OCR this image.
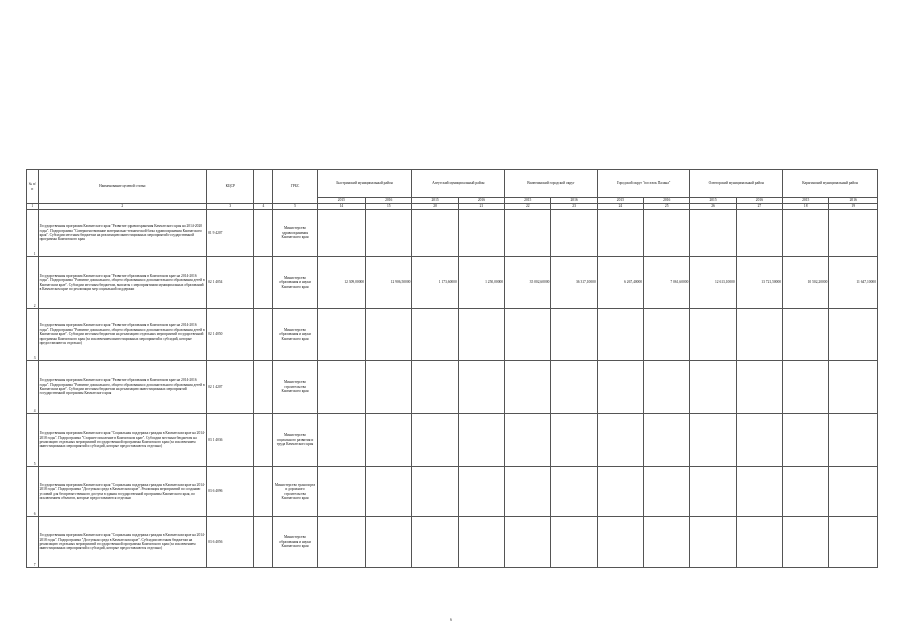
№ п/п	Наименование целевой статьи	КЦСР		ГРБС	Быстринский муниципальный район		Алеутский муниципальный район		Вилючинский городской округ		Городской округ "поселок Палана"		Олюторский муниципальный район		Карагинский муниципальный район	
					2015	2016	2015	2016	2015	2016	2015	2016	2015	2016	2015	2016
1	2	3	4	5	14	15	20	21	22	23	24	25	26	27	18	19
1	Государственная программа Камчатского края "Развитие здравоохранения Камчатского края на 2014-2020 годы". Подпрограмма "Совершенствование материально-технической базы здравоохранения Камчатского края". Субсидии местным бюджетам на реализацию инвестиционных мероприятий государственной программы Камчатского края	01 9 4207		Министерство здравоохранения Камчатского края												
2	Государственная программа Камчатского края "Развитие образования в Камчатском крае на 2014-2016 годы". Подпрограмма "Развитие дошкольного, общего образования и дополнительного образования детей в Камчатском крае". Субсидии местным бюджетам, выплаты с мероприятиями муниципальных образований в Камчатском крае по реализации мер социальной поддержки	02 1 4054		Министерство образования и науки Камчатского края	12 309,00000	12 906,50000	1 173,60000	1 250,00000	35 002,60000	36 317,10000	6 267,40000	7 061,60000	12 613,10000	13 721,50000	10 502,20000	11 647,10000
3	Государственная программа Камчатского края "Развитие образования в Камчатском крае на 2014-2016 годы". Подпрограмма "Развитие дошкольного, общего образования и дополнительного образования детей в Камчатском крае". Субсидии местным бюджетам на реализацию отдельных мероприятий государственной программы Камчатского края (за исключением инвестиционных мероприятий и субсидий, которые предоставляются отдельно)	02 1 4050		Министерство образования и науки Камчатского края												
4	Государственная программа Камчатского края "Развитие образования в Камчатском крае на 2014-2016 годы". Подпрограмма "Развитие дошкольного, общего образования и дополнительного образования детей в Камчатском крае". Субсидии местным бюджетам на реализацию инвестиционных мероприятий государственной программы Камчатского края	02 1 4207		Министерство строительства Камчатского края												
5	Государственная программа Камчатского края "Социальная поддержка граждан в Камчатском крае на 2014-2018 годы". Подпрограмма "Старшее поколение в Камчатском крае". Субсидии местным бюджетам на реализацию отдельных мероприятий государственной программы Камчатского края (за исключением инвестиционных мероприятий и субсидий, которые предоставляются отдельно)	03 1 4036		Министерство социального развития и труда Камчатского края												
6	Государственная программа Камчатского края "Социальная поддержка граждан в Камчатском крае на 2014-2018 годы". Подпрограмма "Доступная среда в Камчатском крае". Реализация мероприятий по созданию условий для беспрепятственного доступа в здания государственной программы Камчатского края, по исключением объектов, которые предоставляются отдельно	03 6 4096		Министерство транспорта и дорожного строительства Камчатского края												
7	Государственная программа Камчатского края "Социальная поддержка граждан в Камчатском крае на 2014-2018 годы". Подпрограмма "Доступная среда в Камчатском крае". Субсидии местным бюджетам на реализацию отдельных мероприятий государственной программы Камчатского края (за исключением инвестиционных мероприятий и субсидий, которые предоставляются отдельно)	03 6 4056		Министерство образования и науки Камчатского края												
6
